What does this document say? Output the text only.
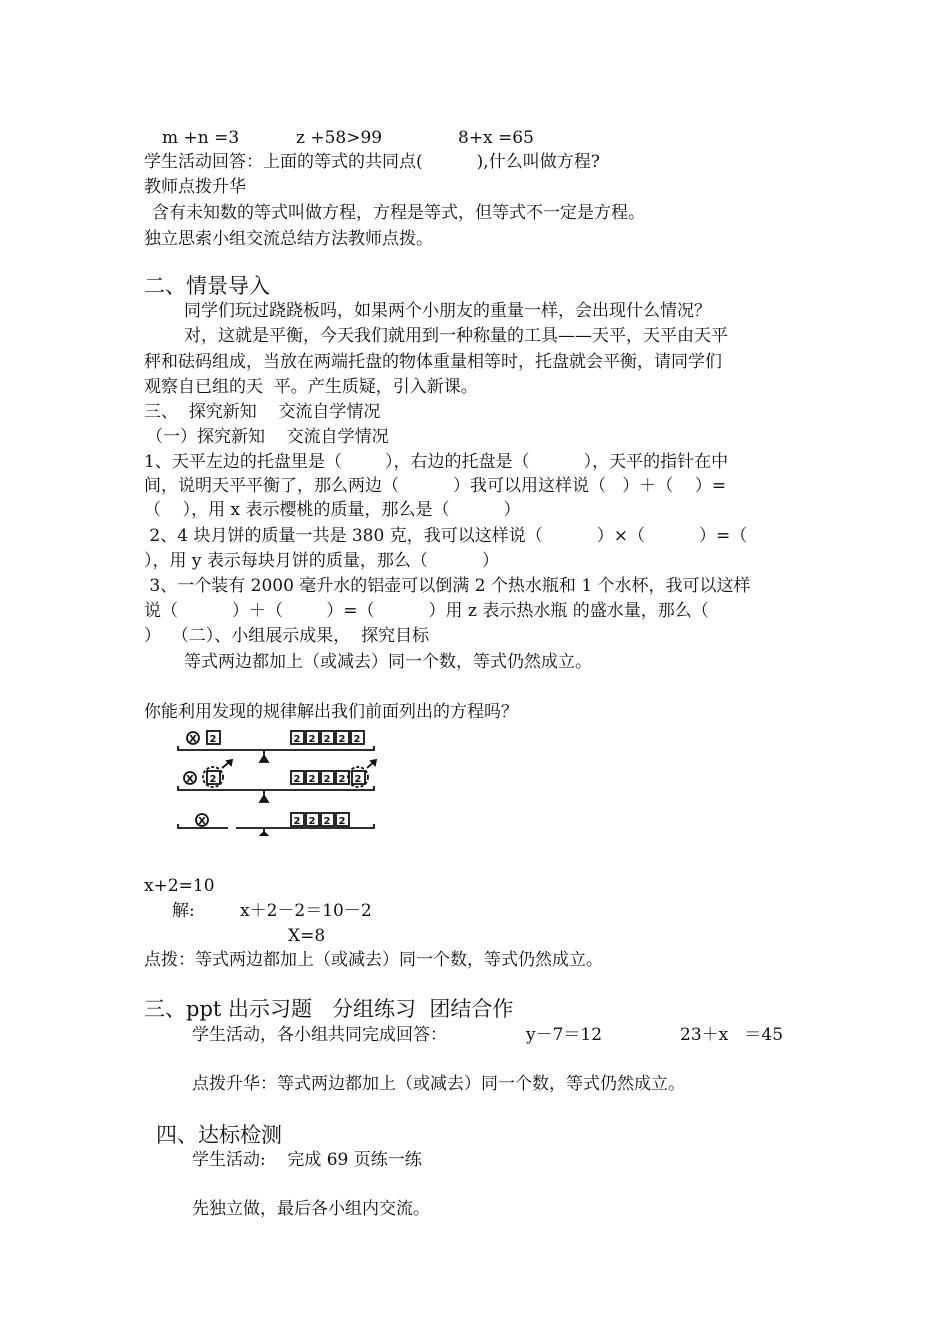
m +n =3	z +58>99	8+x =65
学生活动回答：上面的等式的共同点(          ),什么叫做方程?
教师点拨升华
含有未知数的等式叫做方程，方程是等式，但等式不一定是方程。
独立思索小组交流总结方法教师点拨。
二、情景导入
同学们玩过跷跷板吗，如果两个小朋友的重量一样，会出现什么情况？
对，这就是平衡，今天我们就用到一种称量的工具——天平，天平由天平
秤和砝码组成，当放在两端托盘的物体重量相等时，托盘就会平衡，请同学们
观察自已组的天  平。产生质疑，引入新课。
三、  探究新知    交流自学情况
（一）探究新知    交流自学情况
1、天平左边的托盘里是（        ），右边的托盘是（          ），天平的指针在中
间，说明天平平衡了，那么两边（          ）我可以用这样说（   ）＋（    ）=
（    ），用 x 表示樱桃的质量，那么是（          ）
2、4 块月饼的质量一共是 380 克，我可以这样说（          ）×（          ）=（
），用 y 表示每块月饼的质量，那么（          ）
3、一个装有 2000 毫升水的铝壶可以倒满 2 个热水瓶和 1 个水杯，我可以这样
说（          ）＋（        ）=（          ）用 z 表示热水瓶 的盛水量，那么（
）  （二）、小组展示成果，  探究目标
等式两边都加上（或减去）同一个数，等式仍然成立。
你能利用发现的规律解出我们前面列出的方程吗？
X 2	2 2 2 2 2
X 2	2 2 2 2 2
X	2 2 2 2
x+2=10
解:	x＋2－2＝10－2
X=8
点拨：等式两边都加上（或减去）同一个数，等式仍然成立。
三、ppt 出示习题   分组练习  团结合作
学生活动，各小组共同完成回答：	y－7＝12	23＋x   ＝45
点拨升华：等式两边都加上（或减去）同一个数，等式仍然成立。
四、达标检测
学生活动:    完成 69 页练一练
先独立做，最后各小组内交流。
